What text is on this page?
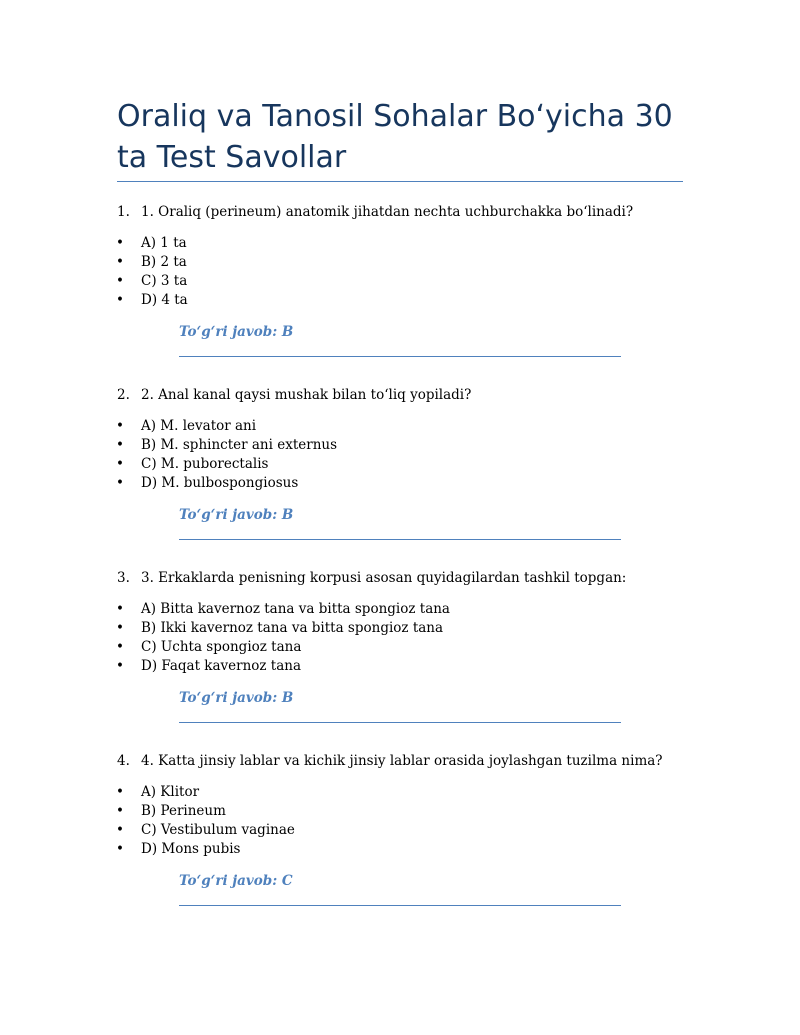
Oraliq va Tanosil Sohalar Bo‘yicha 30 ta Test Savollar
1. 1. Oraliq (perineum) anatomik jihatdan nechta uchburchakka bo‘linadi?
• A) 1 ta
• B) 2 ta
• C) 3 ta
• D) 4 ta
To‘g‘ri javob: B
2. 2. Anal kanal qaysi mushak bilan to‘liq yopiladi?
• A) M. levator ani
• B) M. sphincter ani externus
• C) M. puborectalis
• D) M. bulbospongiosus
To‘g‘ri javob: B
3. 3. Erkaklarda penisning korpusi asosan quyidagilardan tashkil topgan:
• A) Bitta kavernoz tana va bitta spongioz tana
• B) Ikki kavernoz tana va bitta spongioz tana
• C) Uchta spongioz tana
• D) Faqat kavernoz tana
To‘g‘ri javob: B
4. 4. Katta jinsiy lablar va kichik jinsiy lablar orasida joylashgan tuzilma nima?
• A) Klitor
• B) Perineum
• C) Vestibulum vaginae
• D) Mons pubis
To‘g‘ri javob: C
